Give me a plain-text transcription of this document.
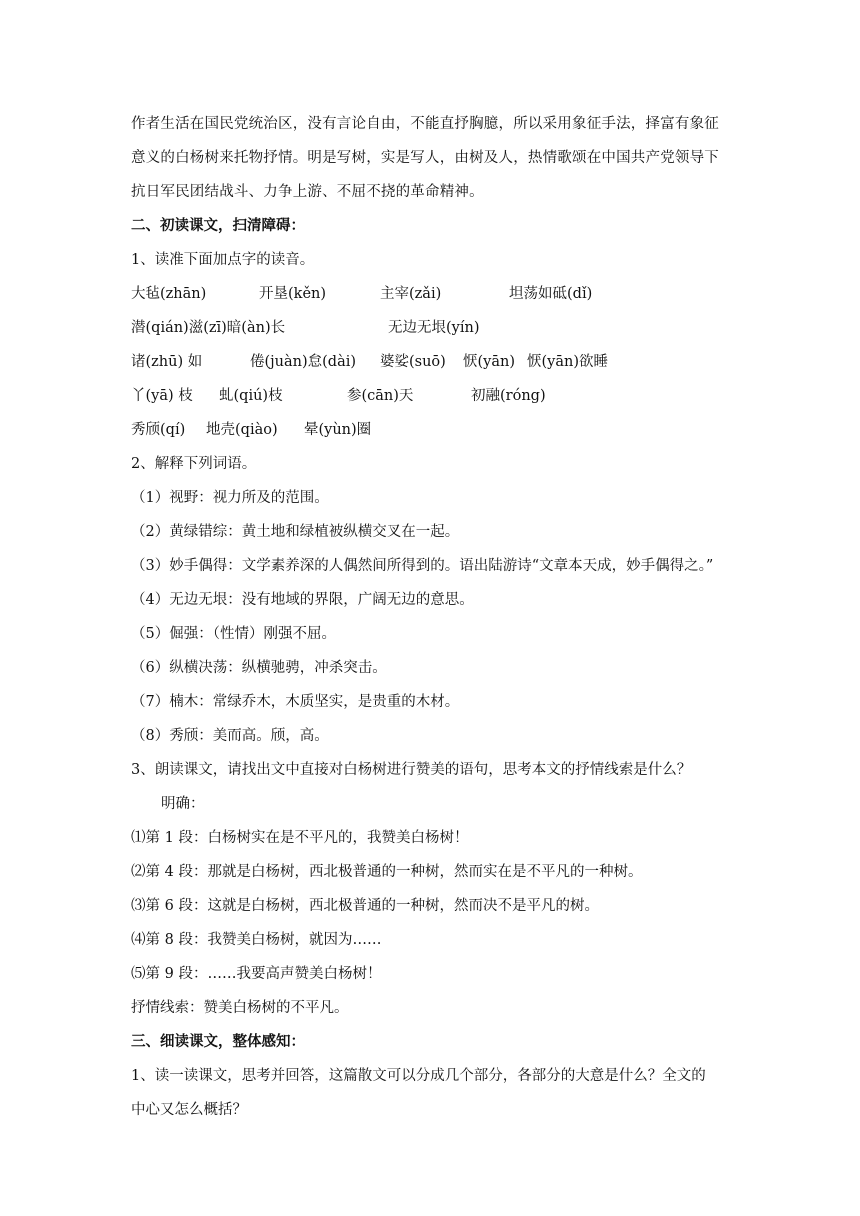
作者生活在国民党统治区，没有言论自由，不能直抒胸臆，所以采用象征手法，择富有象征
意义的白杨树来托物抒情。明是写树，实是写人，由树及人，热情歌颂在中国共产党领导下
抗日军民团结战斗、力争上游、不屈不挠的革命精神。
二、初读课文，扫清障碍：
1、读准下面加点字的读音。
大毡(zhān)	开垦(kěn)	主宰(zǎi)	坦荡如砥(dǐ)
潜(qián)滋(zī)暗(àn)长	无边无垠(yín)
诸(zhū) 如	倦(juàn)怠(dài) 婆娑(suō) 恹(yān) 恹(yān)欲睡
丫(yā) 枝 虬(qiú)枝	参(cān)天	初融(róng)
秀颀(qí) 地壳(qiào) 晕(yùn)圈
2、解释下列词语。
（1）视野：视力所及的范围。
（2）黄绿错综：黄土地和绿植被纵横交叉在一起。
（3）妙手偶得：文学素养深的人偶然间所得到的。语出陆游诗“文章本天成，妙手偶得之。”
（4）无边无垠：没有地域的界限，广阔无边的意思。
（5）倔强：（性情）刚强不屈。
（6）纵横决荡：纵横驰骋，冲杀突击。
（7）楠木：常绿乔木，木质坚实，是贵重的木材。
（8）秀颀：美而高。颀，高。
3、朗读课文，请找出文中直接对白杨树进行赞美的语句，思考本文的抒情线索是什么？
明确：
⑴第 1 段：白杨树实在是不平凡的，我赞美白杨树！
⑵第 4 段：那就是白杨树，西北极普通的一种树，然而实在是不平凡的一种树。
⑶第 6 段：这就是白杨树，西北极普通的一种树，然而决不是平凡的树。
⑷第 8 段：我赞美白杨树，就因为……
⑸第 9 段：……我要高声赞美白杨树！
抒情线索：赞美白杨树的不平凡。
三、细读课文，整体感知：
1、读一读课文，思考并回答，这篇散文可以分成几个部分，各部分的大意是什么？全文的
中心又怎么概括？
